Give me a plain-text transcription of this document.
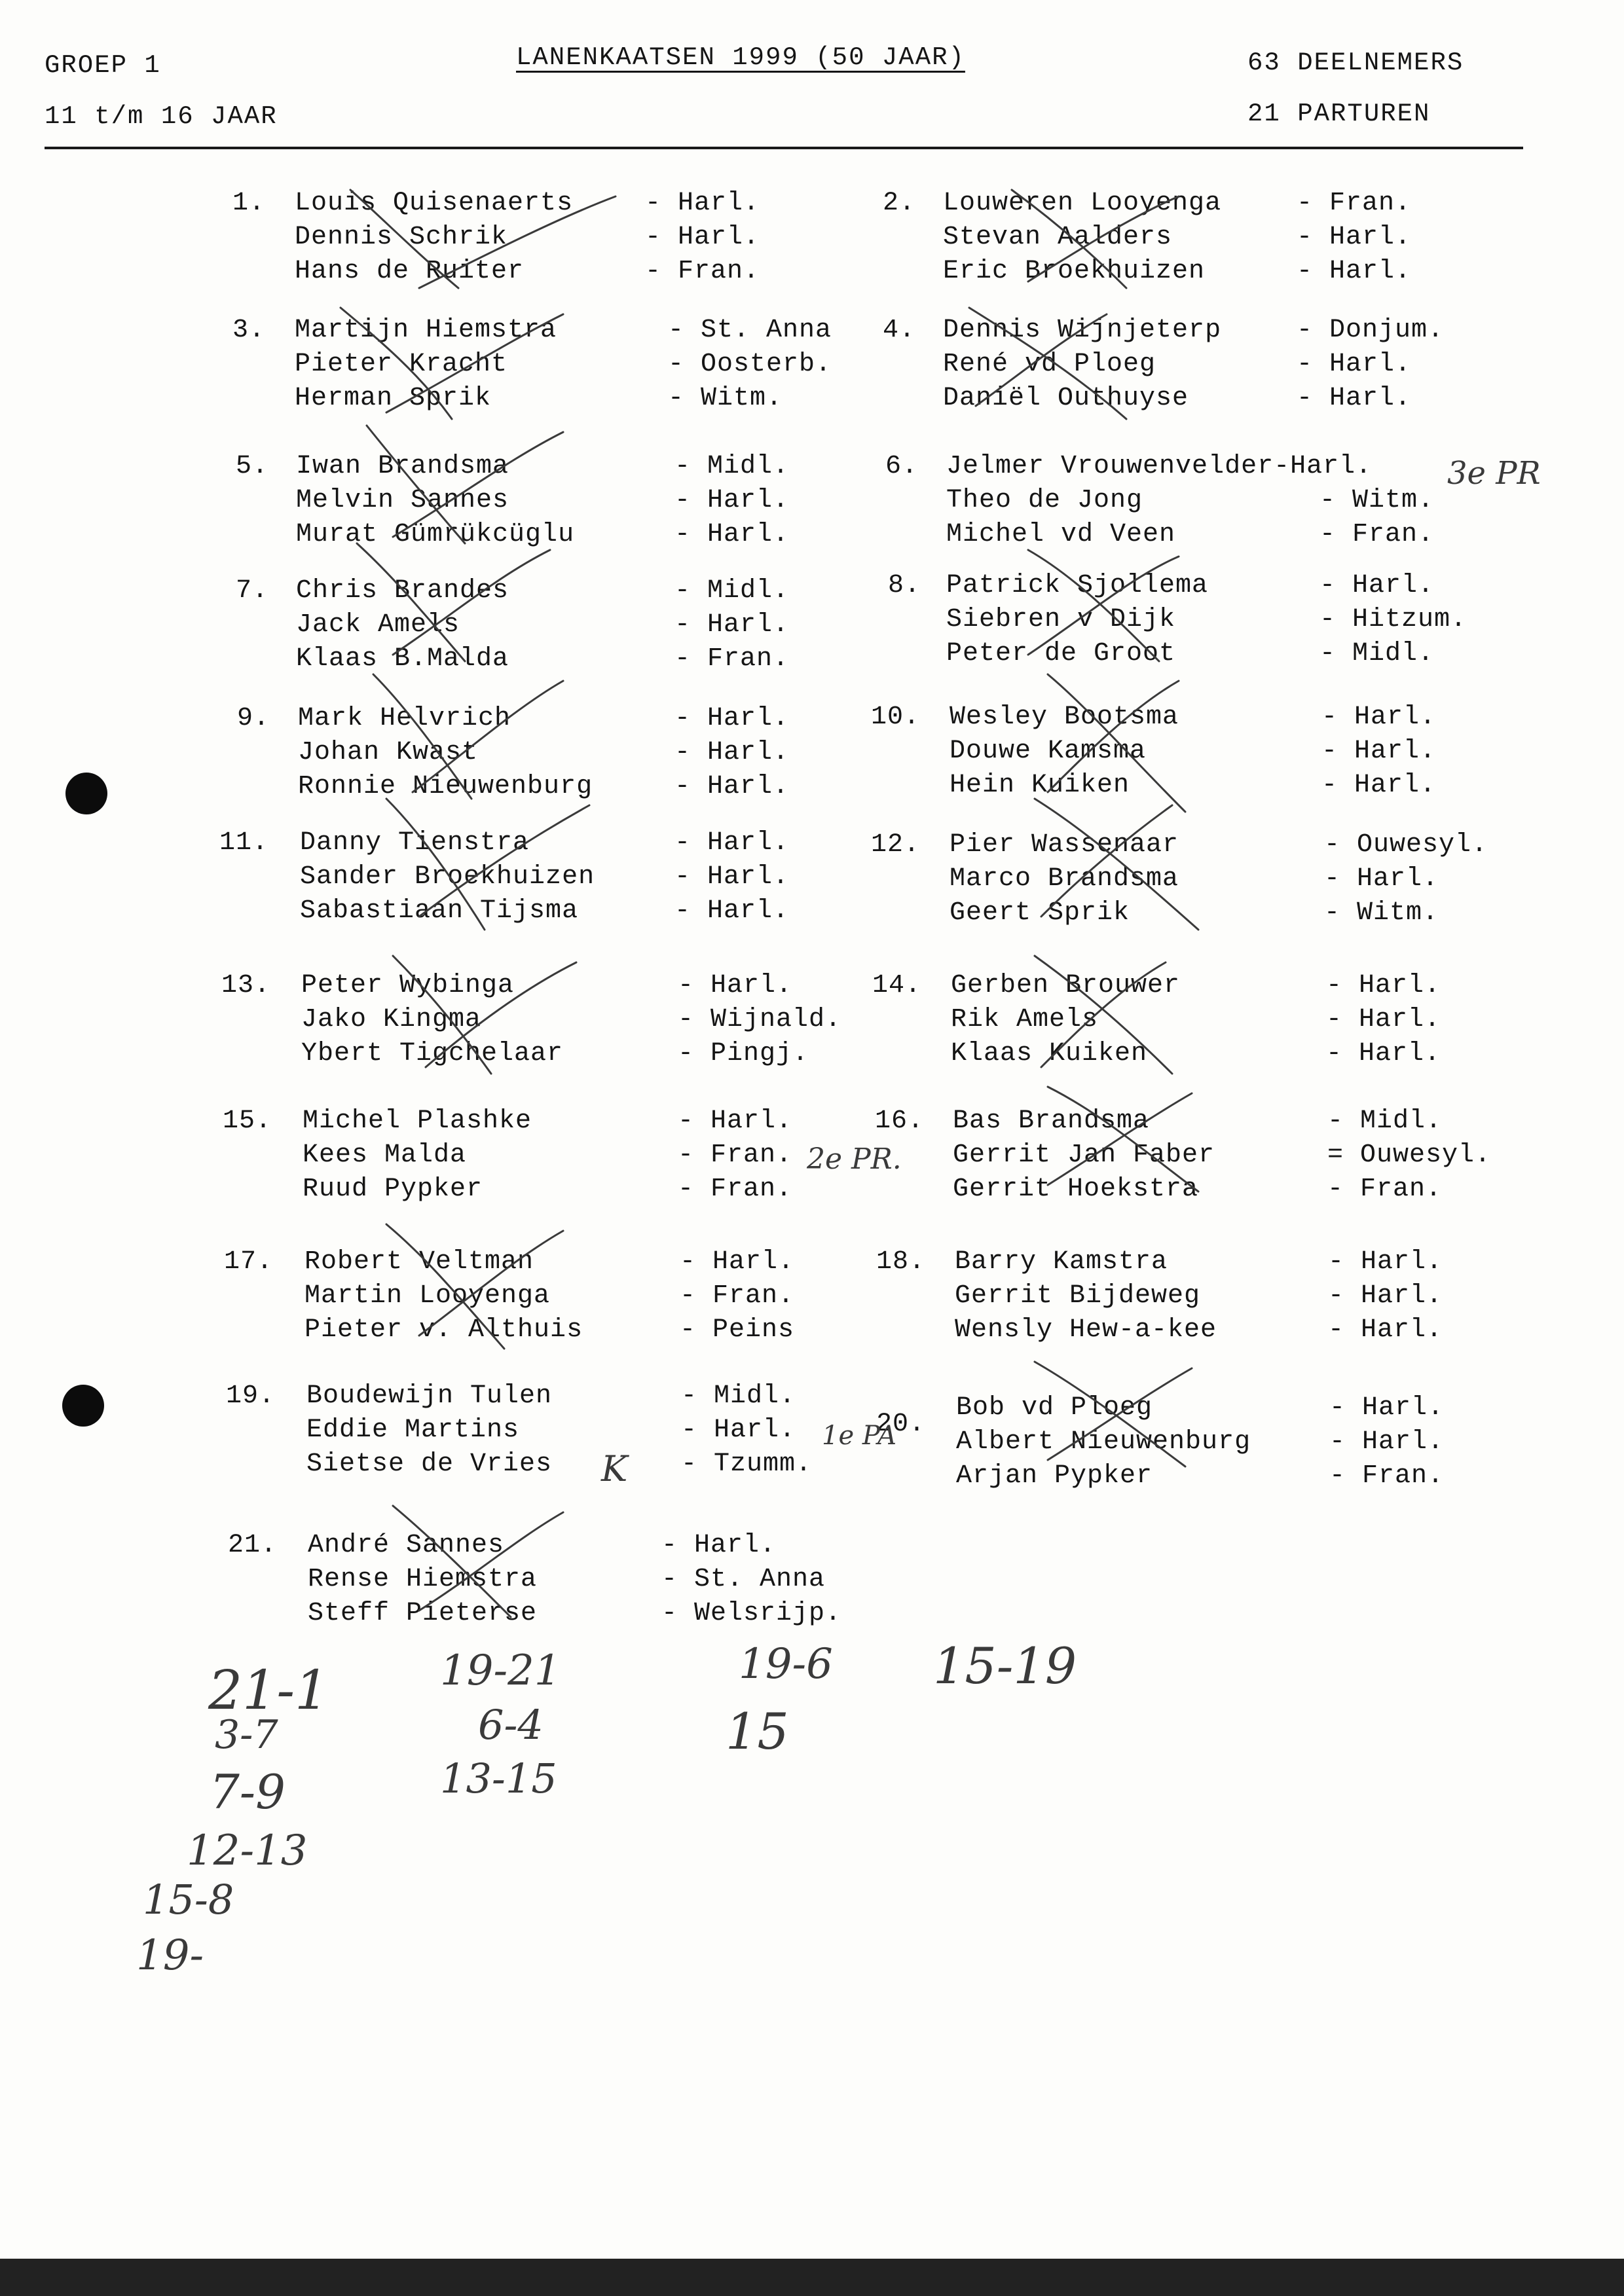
GROEP 1
11 t/m 16 JAAR
LANENKAATSEN 1999 (50 JAAR)	63 DEELNEMERS
21 PARTUREN
1. Louis Quisenaerts	- Harl.
Dennis Schrik	- Harl.
Hans de Ruiter	- Fran.
2. Louweren Looyenga	- Fran.
Stevan Aalders	- Harl.
Eric Broekhuizen	- Harl.
3. Martijn Hiemstra	- St. Anna
Pieter Kracht	- Oosterb.
Herman Sprik	- Witm.
4. Dennis Wijnjeterp	- Donjum.
René vd Ploeg	- Harl.
Daniël Outhuyse	- Harl.
5. Iwan Brandsma	- Midl.
Melvin Sannes	- Harl.
Murat Gümrükcüglu	- Harl.
6. Jelmer Vrouwenvelder-Harl.
Theo de Jong	- Witm.
Michel vd Veen	- Fran.
7. Chris Brandes	- Midl.
Jack Amels	- Harl.
Klaas B.Malda	- Fran.
8. Patrick Sjollema	- Harl.
Siebren v Dijk	- Hitzum.
Peter de Groot	- Midl.
9. Mark Helvrich	- Harl.
Johan Kwast	- Harl.
Ronnie Nieuwenburg	- Harl.
10. Wesley Bootsma	- Harl.
Douwe Kamsma	- Harl.
Hein Kuiken	- Harl.
11. Danny Tienstra	- Harl.
Sander Broekhuizen	- Harl.
Sabastiaan Tijsma	- Harl.
12. Pier Wassenaar	- Ouwesyl.
Marco Brandsma	- Harl.
Geert Sprik	- Witm.
13. Peter Wybinga	- Harl.
Jako Kingma	- Wijnald.
Ybert Tigchelaar	- Pingj.
14. Gerben Brouwer	- Harl.
Rik Amels	- Harl.
Klaas Kuiken	- Harl.
15. Michel Plashke	- Harl.
Kees Malda	- Fran.
Ruud Pypker	- Fran.
16. Bas Brandsma	- Midl.
Gerrit Jan Faber	= Ouwesyl.
Gerrit Hoekstra	- Fran.
17. Robert Veltman	- Harl.
Martin Looyenga	- Fran.
Pieter v. Althuis	- Peins
18. Barry Kamstra	- Harl.
Gerrit Bijdeweg	- Harl.
Wensly Hew-a-kee	- Harl.
19. Boudewijn Tulen	- Midl.
Eddie Martins	- Harl.
Sietse de Vries	- Tzumm.
20.
Bob vd Ploeg	- Harl.
Albert Nieuwenburg	- Harl.
Arjan Pypker	- Fran.
21. André Sannes	- Harl.
Rense Hiemstra	- St. Anna
Steff Pieterse	- Welsrijp.
3e PR
2e PR.
1e PA
K
21-1
3-7
7-9
12-13
15-8
19-
19-21
6-4
13-15
19-6
15
15-19
